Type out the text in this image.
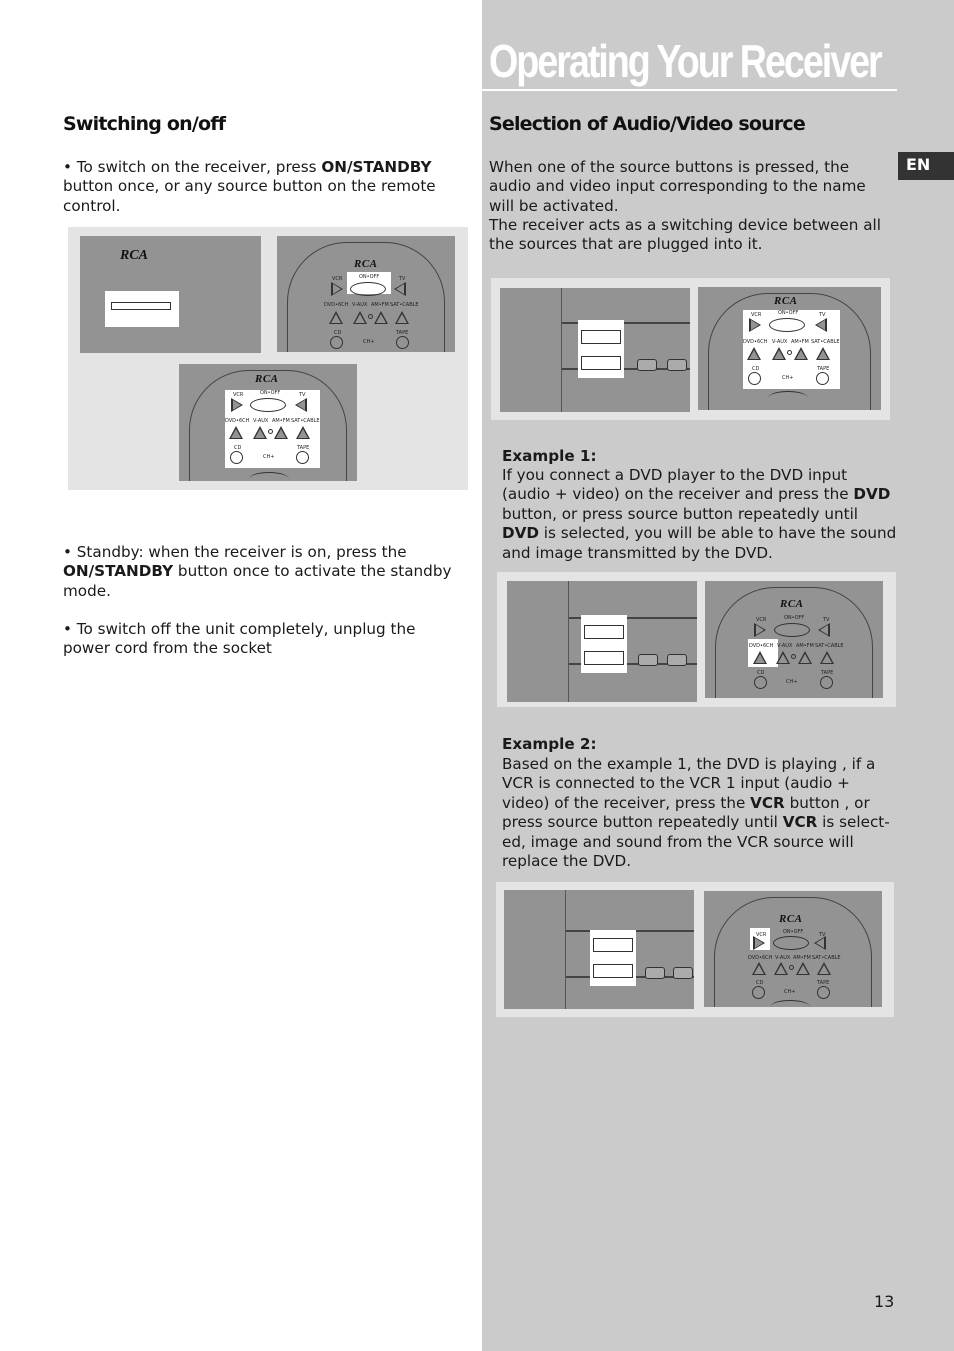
Operating Your Receiver
EN
Switching on/off
• To switch on the receiver, press ON/STANDBY button once, or any source button on the remote control.
RCA
RCA
VCR	ON•OFF	TV
DVD•6CH V-AUX AM•FM SAT•CABLE
CD	TAPE
CH+
RCA
VCR	ON•OFF	TV
DVD•6CH V-AUX AM•FM SAT•CABLE
CD	TAPE
CH+
• Standby: when the receiver is on, press the ON/STANDBY button once to activate the standby mode.
• To switch off the unit completely, unplug the power cord from the socket
Selection of Audio/Video source
When one of the source buttons is pressed, the audio and video input corresponding to the name will be activated.
The receiver acts as a switching device between all the sources that are plugged into it.
RCA
VCR	ON•OFF	TV
DVD•6CH V-AUX AM•FM SAT•CABLE
CD	TAPE
CH+
Example 1:
If you connect a DVD player to the DVD input (audio + video) on the receiver and press the DVD button, or press source button repeatedly until DVD is selected, you will be able to have the sound and image transmitted by the DVD.
RCA
VCR	ON•OFF	TV
DVD•6CH V-AUX AM•FM SAT•CABLE
CD	TAPE
CH+
Example 2:
Based on the example 1, the DVD is playing , if a VCR is connected to the VCR 1 input (audio + video) of the receiver, press the VCR button , or press source button repeatedly until VCR is select-ed, image and sound from the VCR source will replace the DVD.
RCA
VCR	ON•OFF	TV
DVD•6CH V-AUX AM•FM SAT•CABLE
CD	TAPE
CH+
13
